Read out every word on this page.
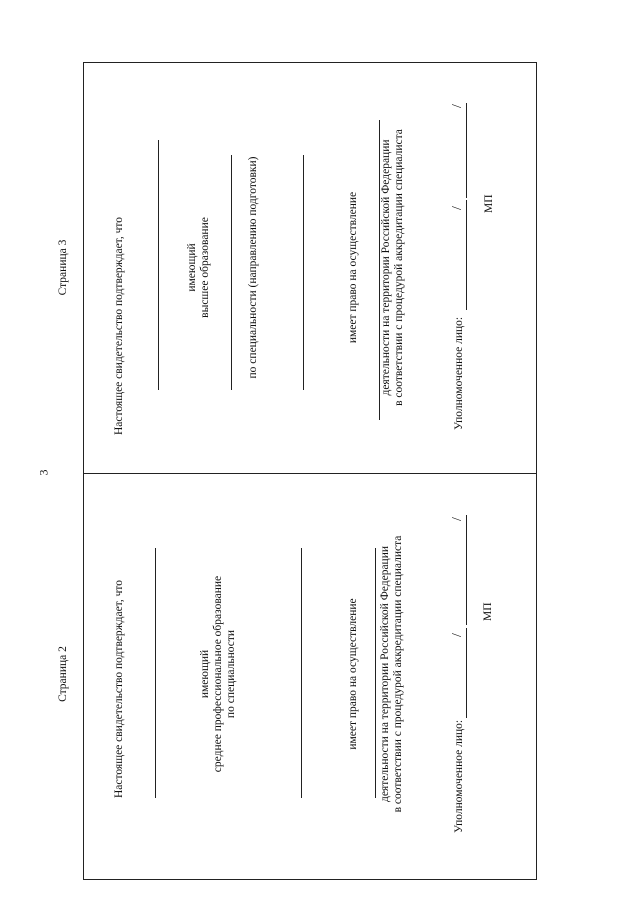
3
Страница 3	Настоящее свидетельство подтверждает, что	имеющий высшее образование	по специальности (направлению подготовки)	имеет право на осуществление деятельности на территории Российской Федерации в соответствии с процедурой аккредитации специалиста	Уполномоченное лицо:
/
/
МП
Страница 2	Настоящее свидетельство подтверждает, что	имеющий среднее профессиональное образование по специальности	имеет право на осуществление деятельности на территории Российской Федерации в соответствии с процедурой аккредитации специалиста	Уполномоченное лицо:
/
/
МП
